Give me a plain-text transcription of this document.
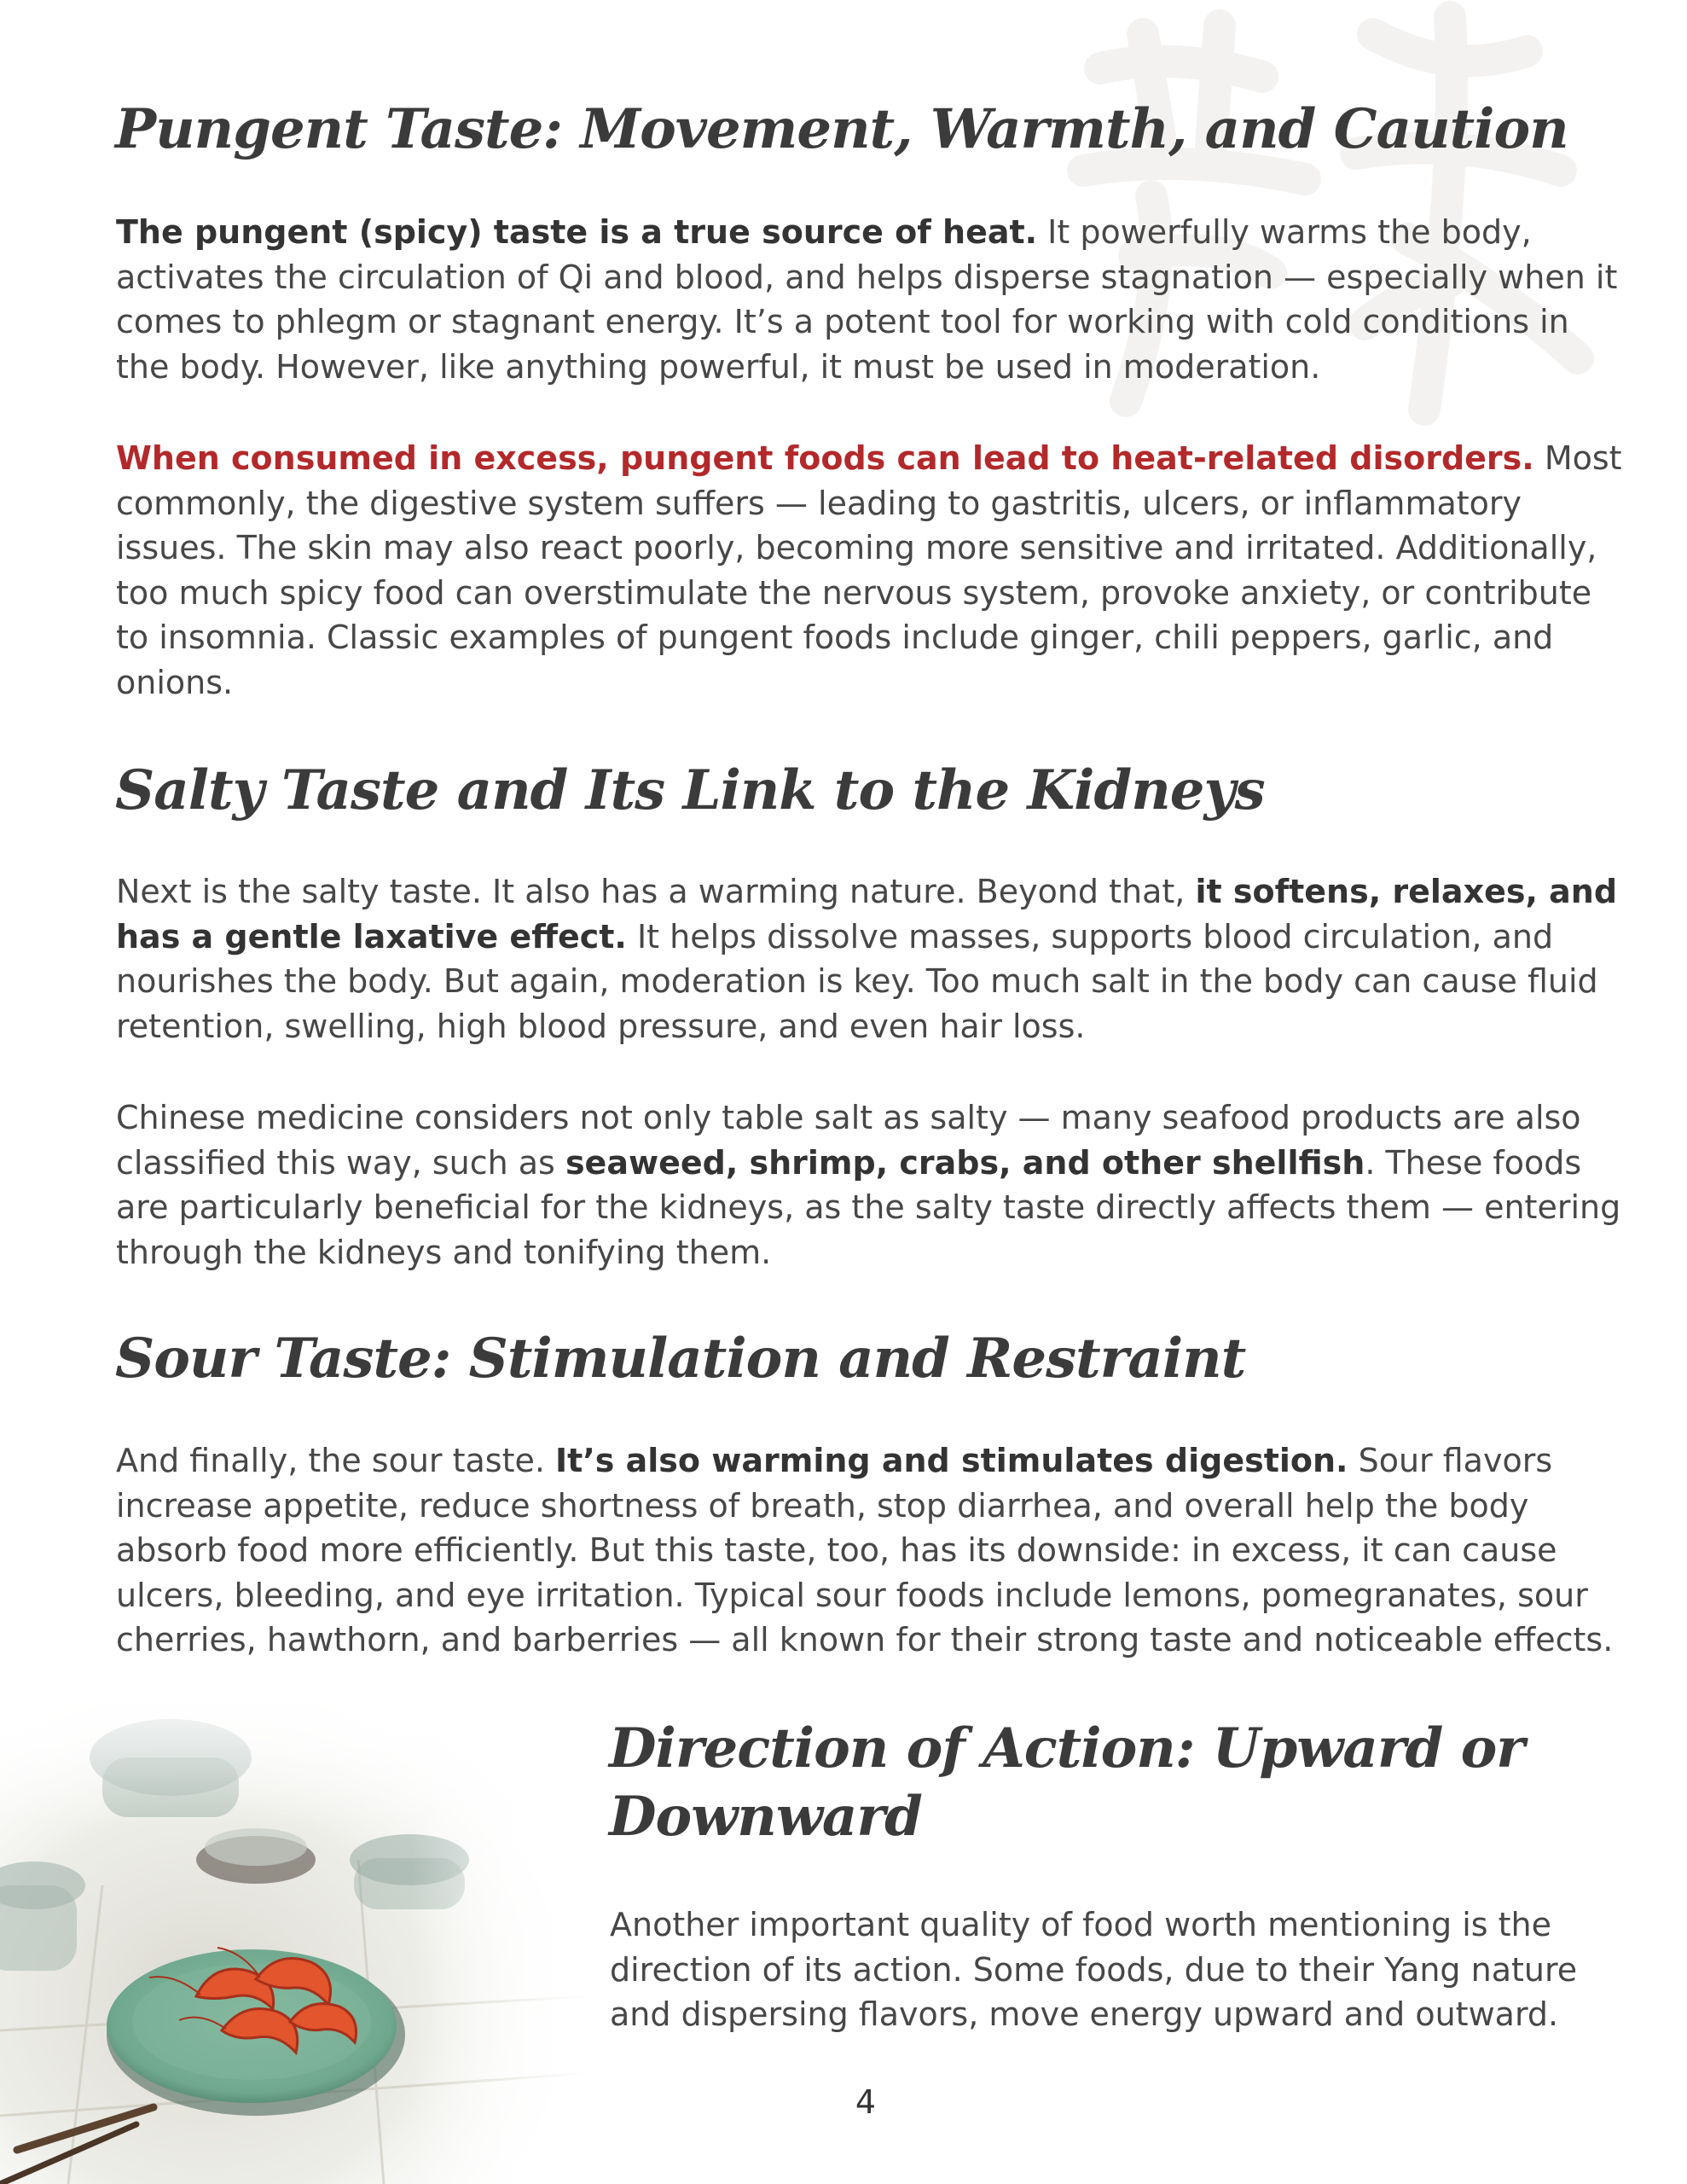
Pungent Taste: Movement, Warmth, and Caution

The pungent (spicy) taste is a true source of heat. It powerfully warms the body, activates the circulation of Qi and blood, and helps disperse stagnation — especially when it comes to phlegm or stagnant energy. It’s a potent tool for working with cold conditions in the body. However, like anything powerful, it must be used in moderation.

When consumed in excess, pungent foods can lead to heat-related disorders. Most commonly, the digestive system suffers — leading to gastritis, ulcers, or inflammatory issues. The skin may also react poorly, becoming more sensitive and irritated. Additionally, too much spicy food can overstimulate the nervous system, provoke anxiety, or contribute to insomnia. Classic examples of pungent foods include ginger, chili peppers, garlic, and onions.

Salty Taste and Its Link to the Kidneys

Next is the salty taste. It also has a warming nature. Beyond that, it softens, relaxes, and has a gentle laxative effect. It helps dissolve masses, supports blood circulation, and nourishes the body. But again, moderation is key. Too much salt in the body can cause fluid retention, swelling, high blood pressure, and even hair loss.

Chinese medicine considers not only table salt as salty — many seafood products are also classified this way, such as seaweed, shrimp, crabs, and other shellfish. These foods are particularly beneficial for the kidneys, as the salty taste directly affects them — entering through the kidneys and tonifying them.

Sour Taste: Stimulation and Restraint

And finally, the sour taste. It’s also warming and stimulates digestion. Sour flavors increase appetite, reduce shortness of breath, stop diarrhea, and overall help the body absorb food more efficiently. But this taste, too, has its downside: in excess, it can cause ulcers, bleeding, and eye irritation. Typical sour foods include lemons, pomegranates, sour cherries, hawthorn, and barberries — all known for their strong taste and noticeable effects.

Direction of Action: Upward or
Downward

Another important quality of food worth mentioning is the direction of its action. Some foods, due to their Yang nature and dispersing flavors, move energy upward and outward.

4
